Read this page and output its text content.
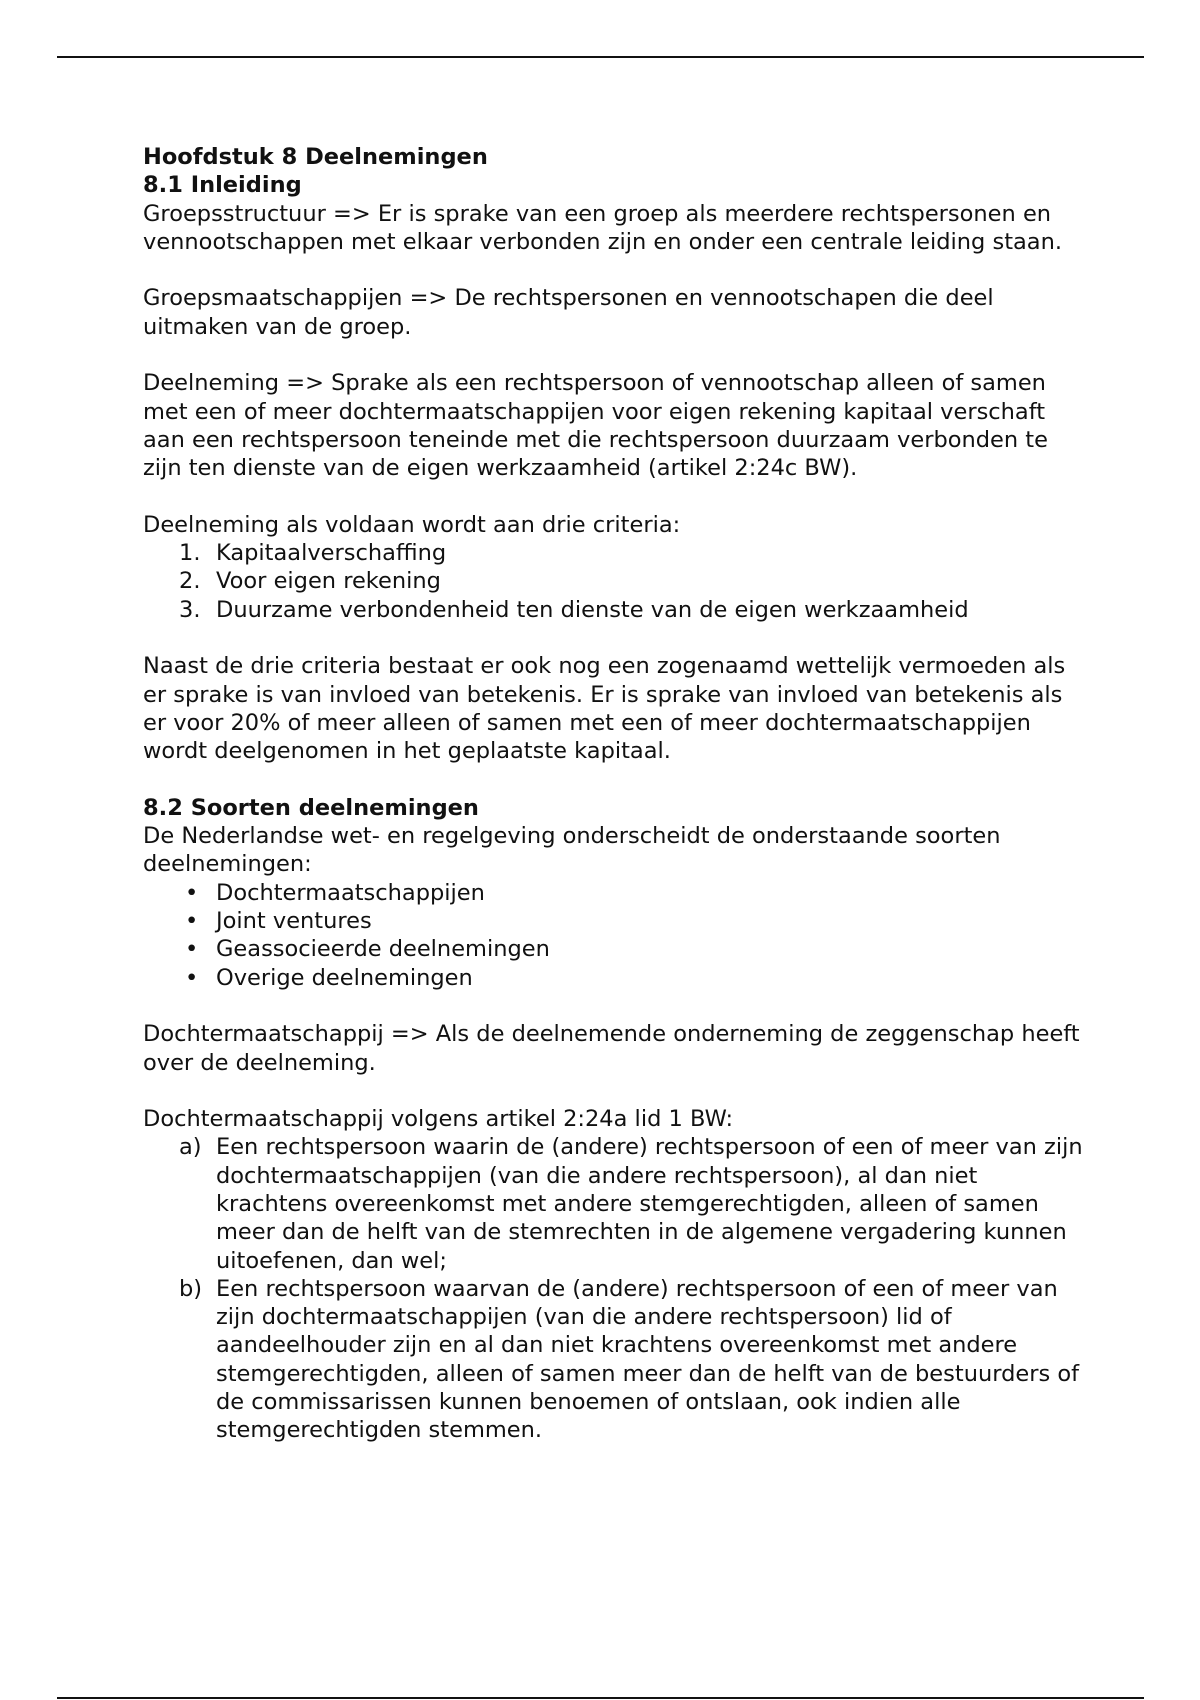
Hoofdstuk 8 Deelnemingen

8.1 Inleiding

Groepsstructuur => Er is sprake van een groep als meerdere rechtspersonen en vennootschappen met elkaar verbonden zijn en onder een centrale leiding staan.

Groepsmaatschappijen => De rechtspersonen en vennootschapen die deel uitmaken van de groep.

Deelneming => Sprake als een rechtspersoon of vennootschap alleen of samen met een of meer dochtermaatschappijen voor eigen rekening kapitaal verschaft aan een rechtspersoon teneinde met die rechtspersoon duurzaam verbonden te zijn ten dienste van de eigen werkzaamheid (artikel 2:24c BW).

Deelneming als voldaan wordt aan drie criteria:

1. Kapitaalverschaffing
2. Voor eigen rekening
3. Duurzame verbondenheid ten dienste van de eigen werkzaamheid

Naast de drie criteria bestaat er ook nog een zogenaamd wettelijk vermoeden als er sprake is van invloed van betekenis. Er is sprake van invloed van betekenis als er voor 20% of meer alleen of samen met een of meer dochtermaatschappijen wordt deelgenomen in het geplaatste kapitaal.

8.2 Soorten deelnemingen

De Nederlandse wet- en regelgeving onderscheidt de onderstaande soorten deelnemingen:

• Dochtermaatschappijen
• Joint ventures
• Geassocieerde deelnemingen
• Overige deelnemingen

Dochtermaatschappij => Als de deelnemende onderneming de zeggenschap heeft over de deelneming.

Dochtermaatschappij volgens artikel 2:24a lid 1 BW:

a) Een rechtspersoon waarin de (andere) rechtspersoon of een of meer van zijn dochtermaatschappijen (van die andere rechtspersoon), al dan niet krachtens overeenkomst met andere stemgerechtigden, alleen of samen meer dan de helft van de stemrechten in de algemene vergadering kunnen uitoefenen, dan wel;
b) Een rechtspersoon waarvan de (andere) rechtspersoon of een of meer van zijn dochtermaatschappijen (van die andere rechtspersoon) lid of aandeelhouder zijn en al dan niet krachtens overeenkomst met andere stemgerechtigden, alleen of samen meer dan de helft van de bestuurders of de commissarissen kunnen benoemen of ontslaan, ook indien alle stemgerechtigden stemmen.
